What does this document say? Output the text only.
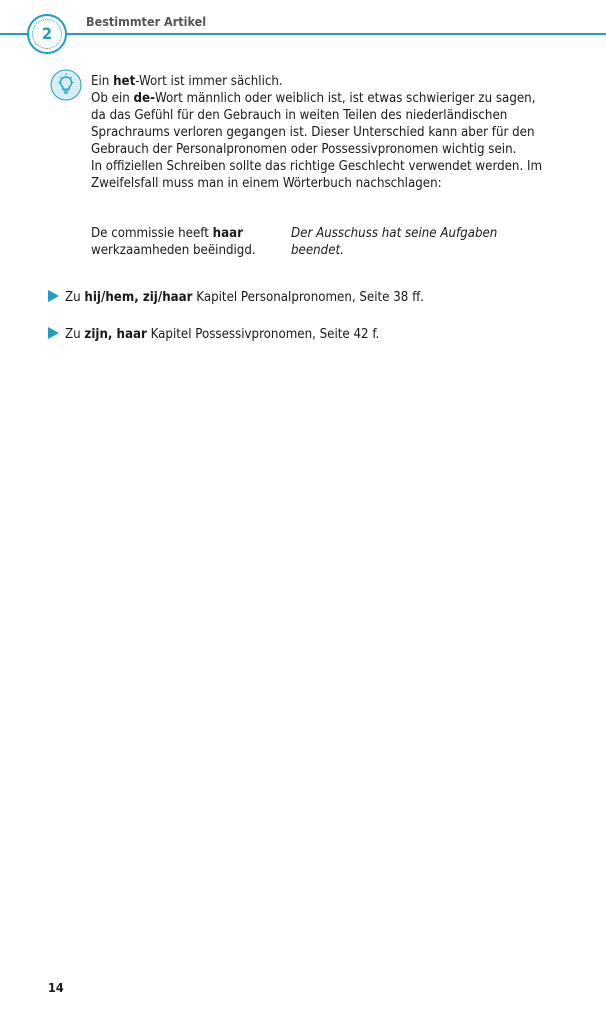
2
Bestimmter Artikel

Ein het-Wort ist immer sächlich.

Ob ein de-Wort männlich oder weiblich ist, ist etwas schwieriger zu sagen, da das Gefühl für den Gebrauch in weiten Teilen des niederländischen Sprachraums verloren gegangen ist. Dieser Unterschied kann aber für den Gebrauch der Personalpronomen oder Possessivpronomen wichtig sein.

In offiziellen Schreiben sollte das richtige Geschlecht verwendet werden. Im Zweifelsfall muss man in einem Wörterbuch nachschlagen:

De commissie heeft haar
werkzaamheden beëindigd.
Der Ausschuss hat seine Aufgaben beendet.
Zu hij/hem, zij/haar Kapitel Personalpronomen, Seite 38 ff.
Zu zijn, haar Kapitel Possessivpronomen, Seite 42 f.
14
